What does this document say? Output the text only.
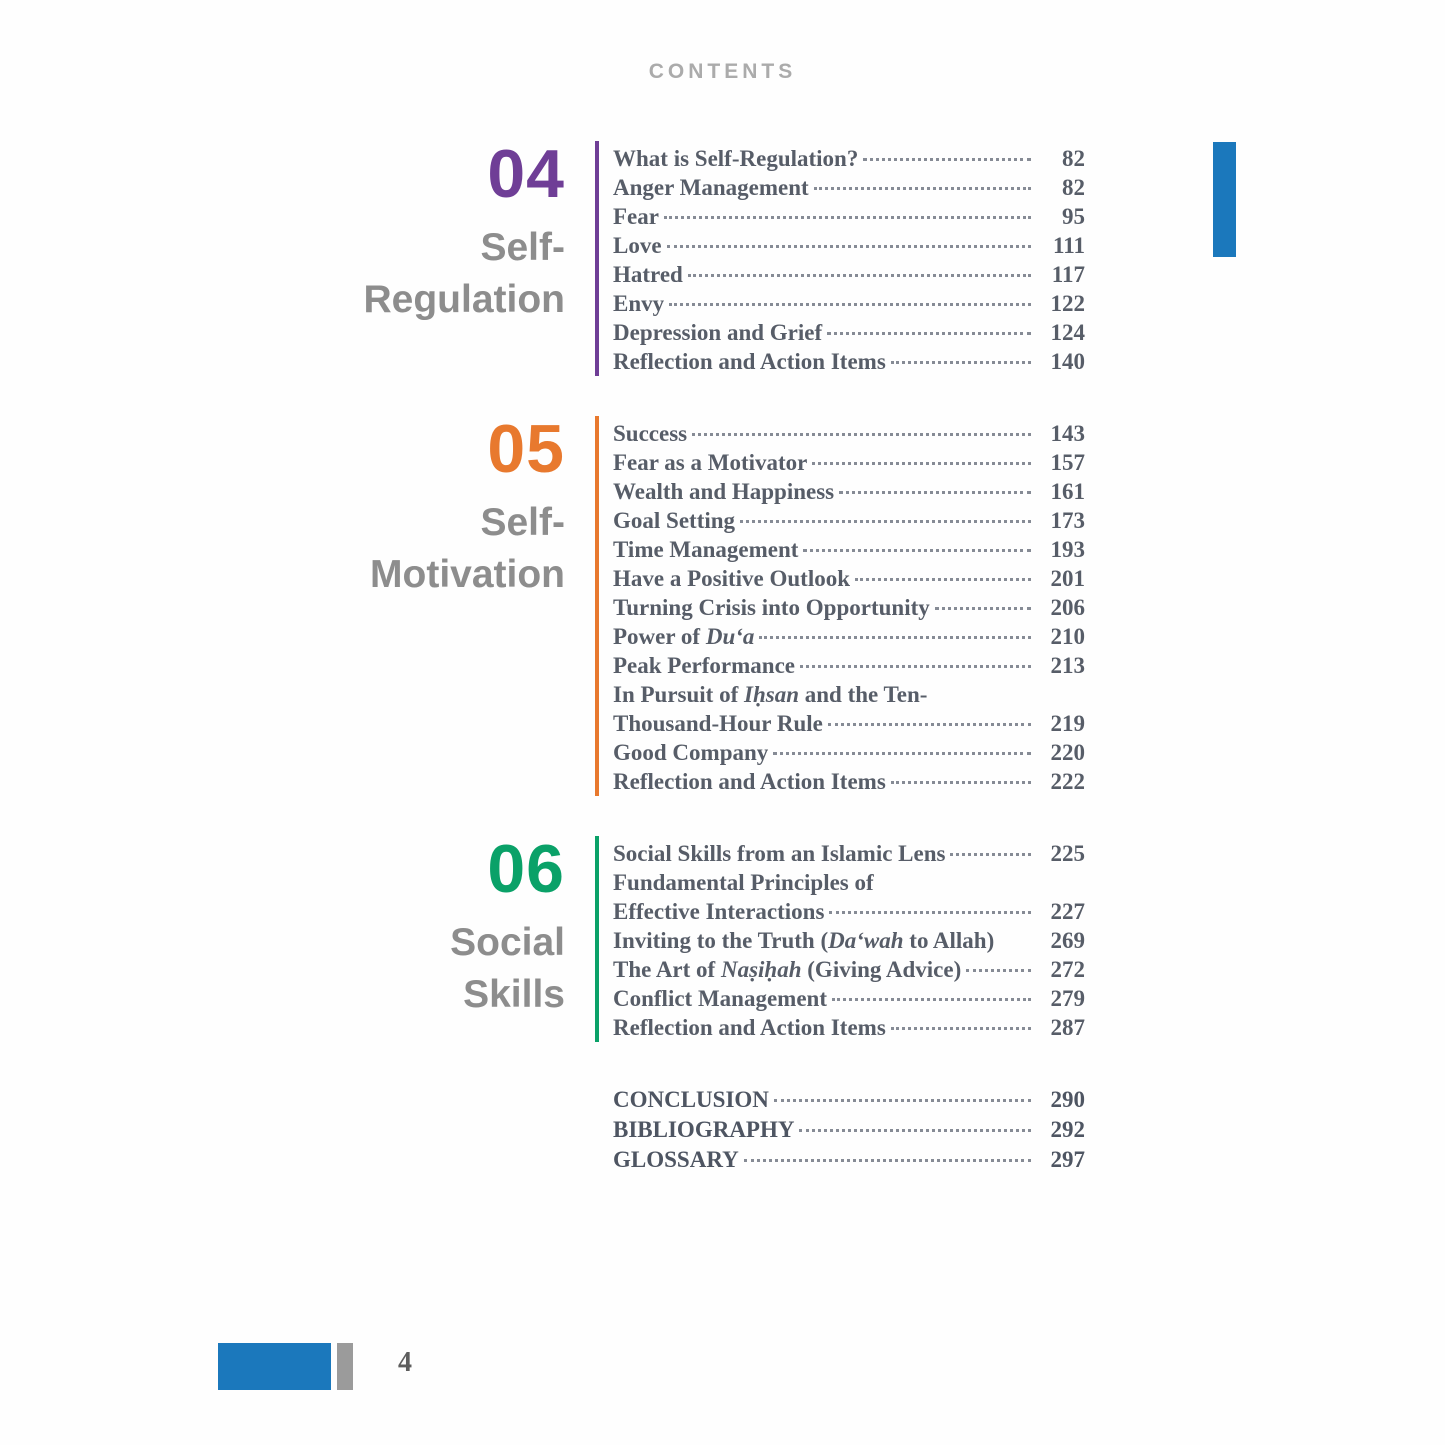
CONTENTS
04
Self-
Regulation
What is Self-Regulation?	82
Anger Management	82
Fear	95
Love	111
Hatred	117
Envy	122
Depression and Grief	124
Reflection and Action Items	140
05
Self-
Motivation
Success	143
Fear as a Motivator	157
Wealth and Happiness	161
Goal Setting	173
Time Management	193
Have a Positive Outlook	201
Turning Crisis into Opportunity	206
Power of Du‘a	210
Peak Performance	213
In Pursuit of Iḥsan and the Ten-
Thousand-Hour Rule	219
Good Company	220
Reflection and Action Items	222
06
Social
Skills
Social Skills from an Islamic Lens	225
Fundamental Principles of
Effective Interactions	227
Inviting to the Truth (Da‘wah to Allah)	269
The Art of Naṣiḥah (Giving Advice)	272
Conflict Management	279
Reflection and Action Items	287
CONCLUSION	290
BIBLIOGRAPHY	292
GLOSSARY	297
4
